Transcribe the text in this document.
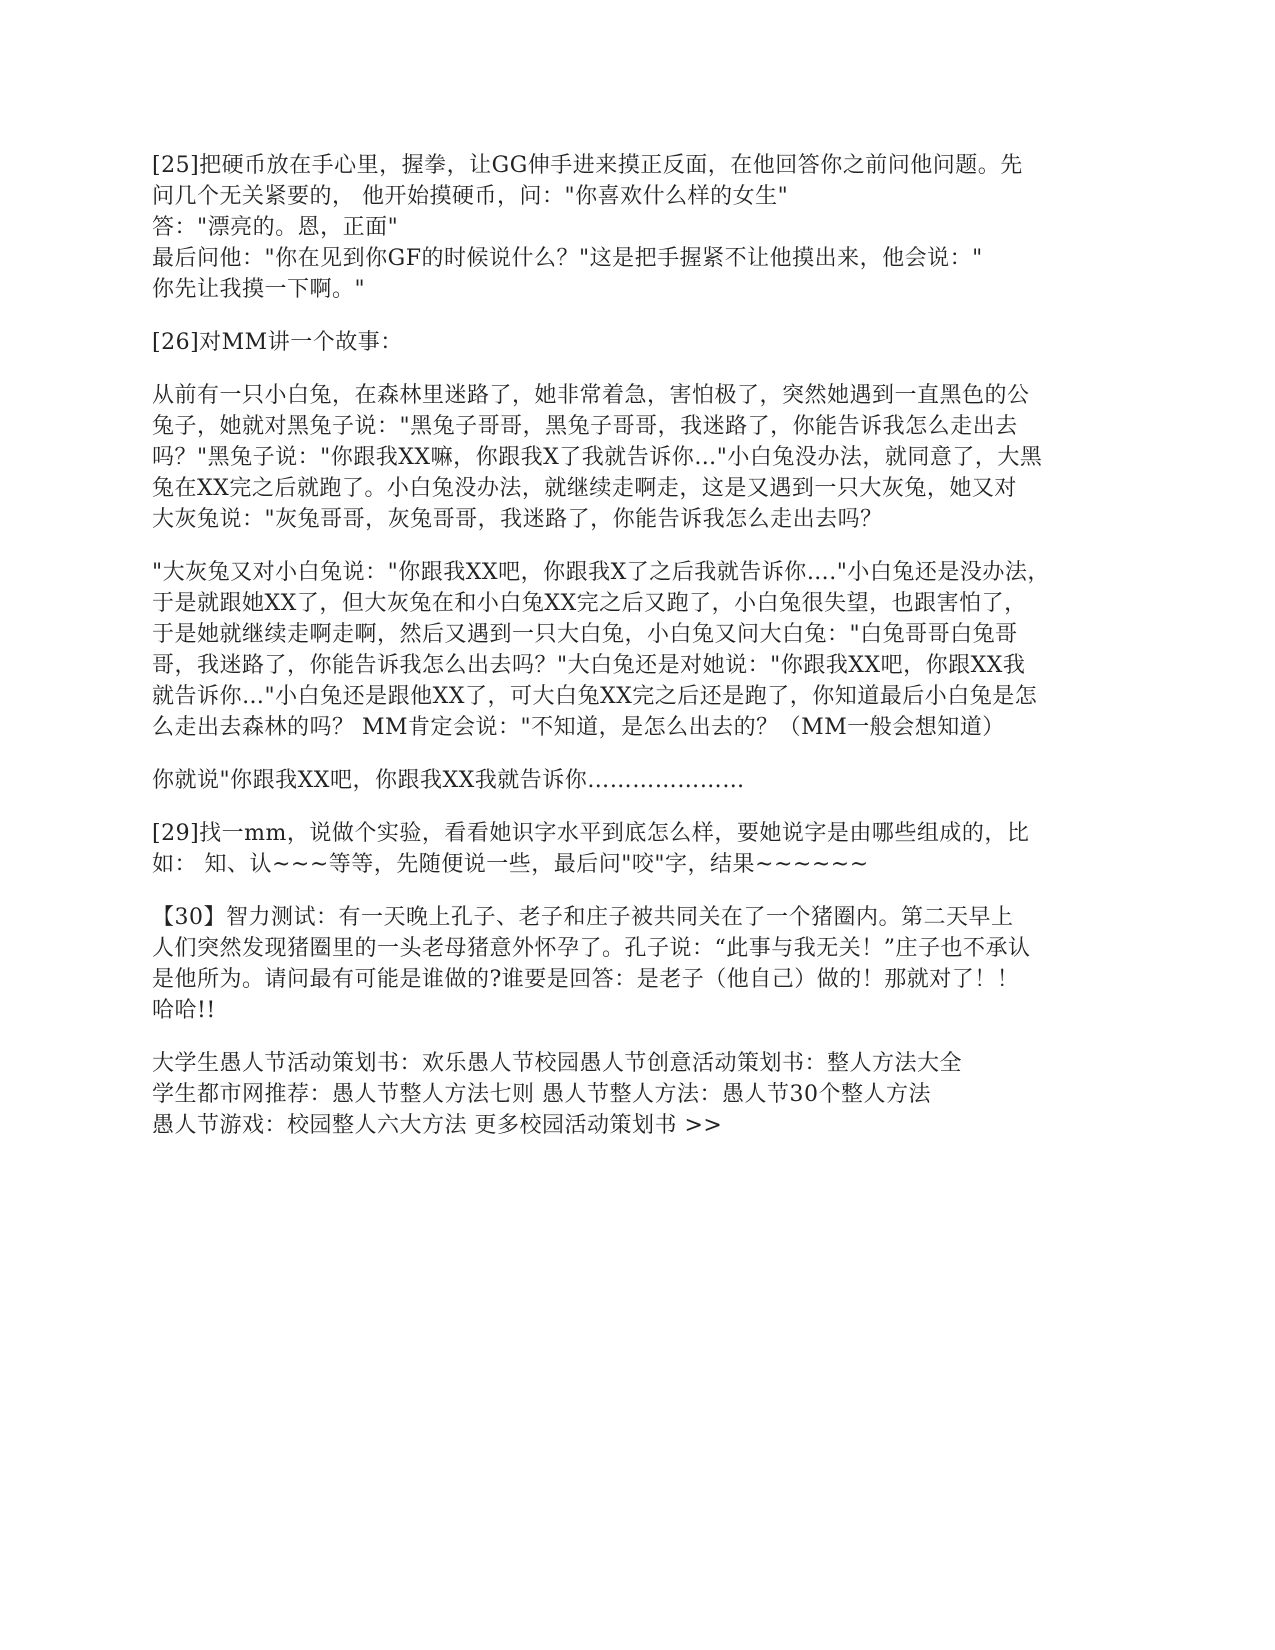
[25]把硬币放在手心里，握拳，让GG伸手进来摸正反面，在他回答你之前问他问题。先
问几个无关紧要的， 他开始摸硬币，问："你喜欢什么样的女生"
答："漂亮的。恩，正面"
最后问他："你在见到你GF的时候说什么？"这是把手握紧不让他摸出来，他会说："
你先让我摸一下啊。"
[26]对MM讲一个故事：
从前有一只小白兔，在森林里迷路了，她非常着急，害怕极了，突然她遇到一直黑色的公
兔子，她就对黑兔子说："黑兔子哥哥，黑兔子哥哥，我迷路了，你能告诉我怎么走出去
吗？"黑兔子说："你跟我XX嘛，你跟我X了我就告诉你…"小白兔没办法，就同意了，大黑
兔在XX完之后就跑了。小白兔没办法，就继续走啊走，这是又遇到一只大灰兔，她又对
大灰兔说："灰兔哥哥，灰兔哥哥，我迷路了，你能告诉我怎么走出去吗？
"大灰兔又对小白兔说："你跟我XX吧，你跟我X了之后我就告诉你…."小白兔还是没办法，
于是就跟她XX了，但大灰兔在和小白兔XX完之后又跑了，小白兔很失望，也跟害怕了，
于是她就继续走啊走啊，然后又遇到一只大白兔，小白兔又问大白兔："白兔哥哥白兔哥
哥，我迷路了，你能告诉我怎么出去吗？"大白兔还是对她说："你跟我XX吧，你跟XX我
就告诉你…"小白兔还是跟他XX了，可大白兔XX完之后还是跑了，你知道最后小白兔是怎
么走出去森林的吗？ MM肯定会说："不知道，是怎么出去的？（MM一般会想知道）
你就说"你跟我XX吧，你跟我XX我就告诉你…………………
[29]找一mm，说做个实验，看看她识字水平到底怎么样，要她说字是由哪些组成的，比
如： 知、认~~~等等，先随便说一些，最后问"咬"字，结果~~~~~~
【30】智力测试：有一天晚上孔子、老子和庄子被共同关在了一个猪圈内。第二天早上
人们突然发现猪圈里的一头老母猪意外怀孕了。孔子说：“此事与我无关！”庄子也不承认
是他所为。请问最有可能是谁做的?谁要是回答：是老子（他自己）做的！那就对了！！
哈哈!!
大学生愚人节活动策划书：欢乐愚人节校园愚人节创意活动策划书：整人方法大全
学生都市网推荐：愚人节整人方法七则 愚人节整人方法：愚人节30个整人方法
愚人节游戏：校园整人六大方法 更多校园活动策划书 >>
